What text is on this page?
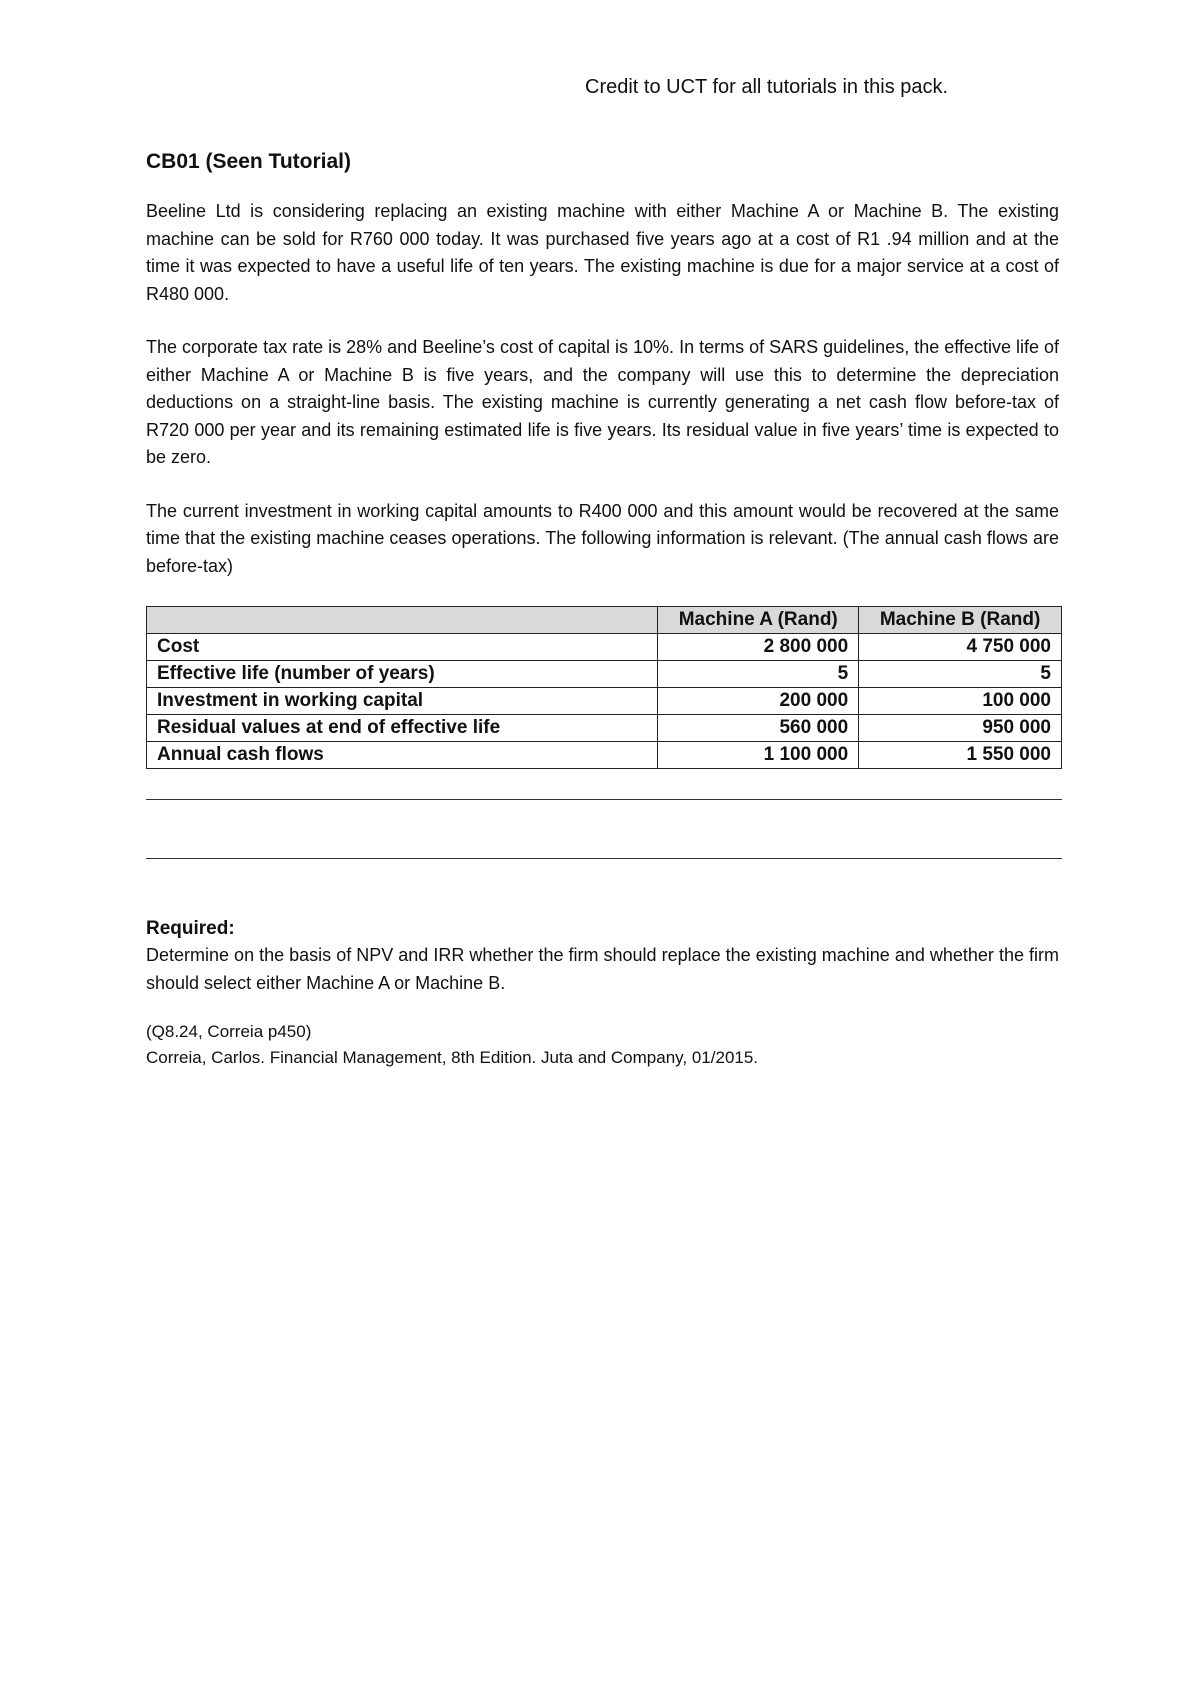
Credit to UCT for all tutorials in this pack.
CB01 (Seen Tutorial)

Beeline Ltd is considering replacing an existing machine with either Machine A or Machine B. The existing machine can be sold for R760 000 today. It was purchased five years ago at a cost of R1 .94 million and at the time it was expected to have a useful life of ten years. The existing machine is due for a major service at a cost of R480 000.

The corporate tax rate is 28% and Beeline’s cost of capital is 10%. In terms of SARS guidelines, the effective life of either Machine A or Machine B is five years, and the company will use this to determine the depreciation deductions on a straight-line basis. The existing machine is currently generating a net cash flow before-tax of R720 000 per year and its remaining estimated life is five years. Its residual value in five years’ time is expected to be zero.

The current investment in working capital amounts to R400 000 and this amount would be recovered at the same time that the existing machine ceases operations. The following information is relevant. (The annual cash flows are before-tax)

	Machine A (Rand)	Machine B (Rand)
Cost	2 800 000	4 750 000
Effective life (number of years)	5	5
Investment in working capital	200 000	100 000
Residual values at end of effective life	560 000	950 000
Annual cash flows	1 100 000	1 550 000
Required:

Determine on the basis of NPV and IRR whether the firm should replace the existing machine and whether the firm should select either Machine A or Machine B.

(Q8.24, Correia p450)
Correia, Carlos. Financial Management, 8th Edition. Juta and Company, 01/2015.
